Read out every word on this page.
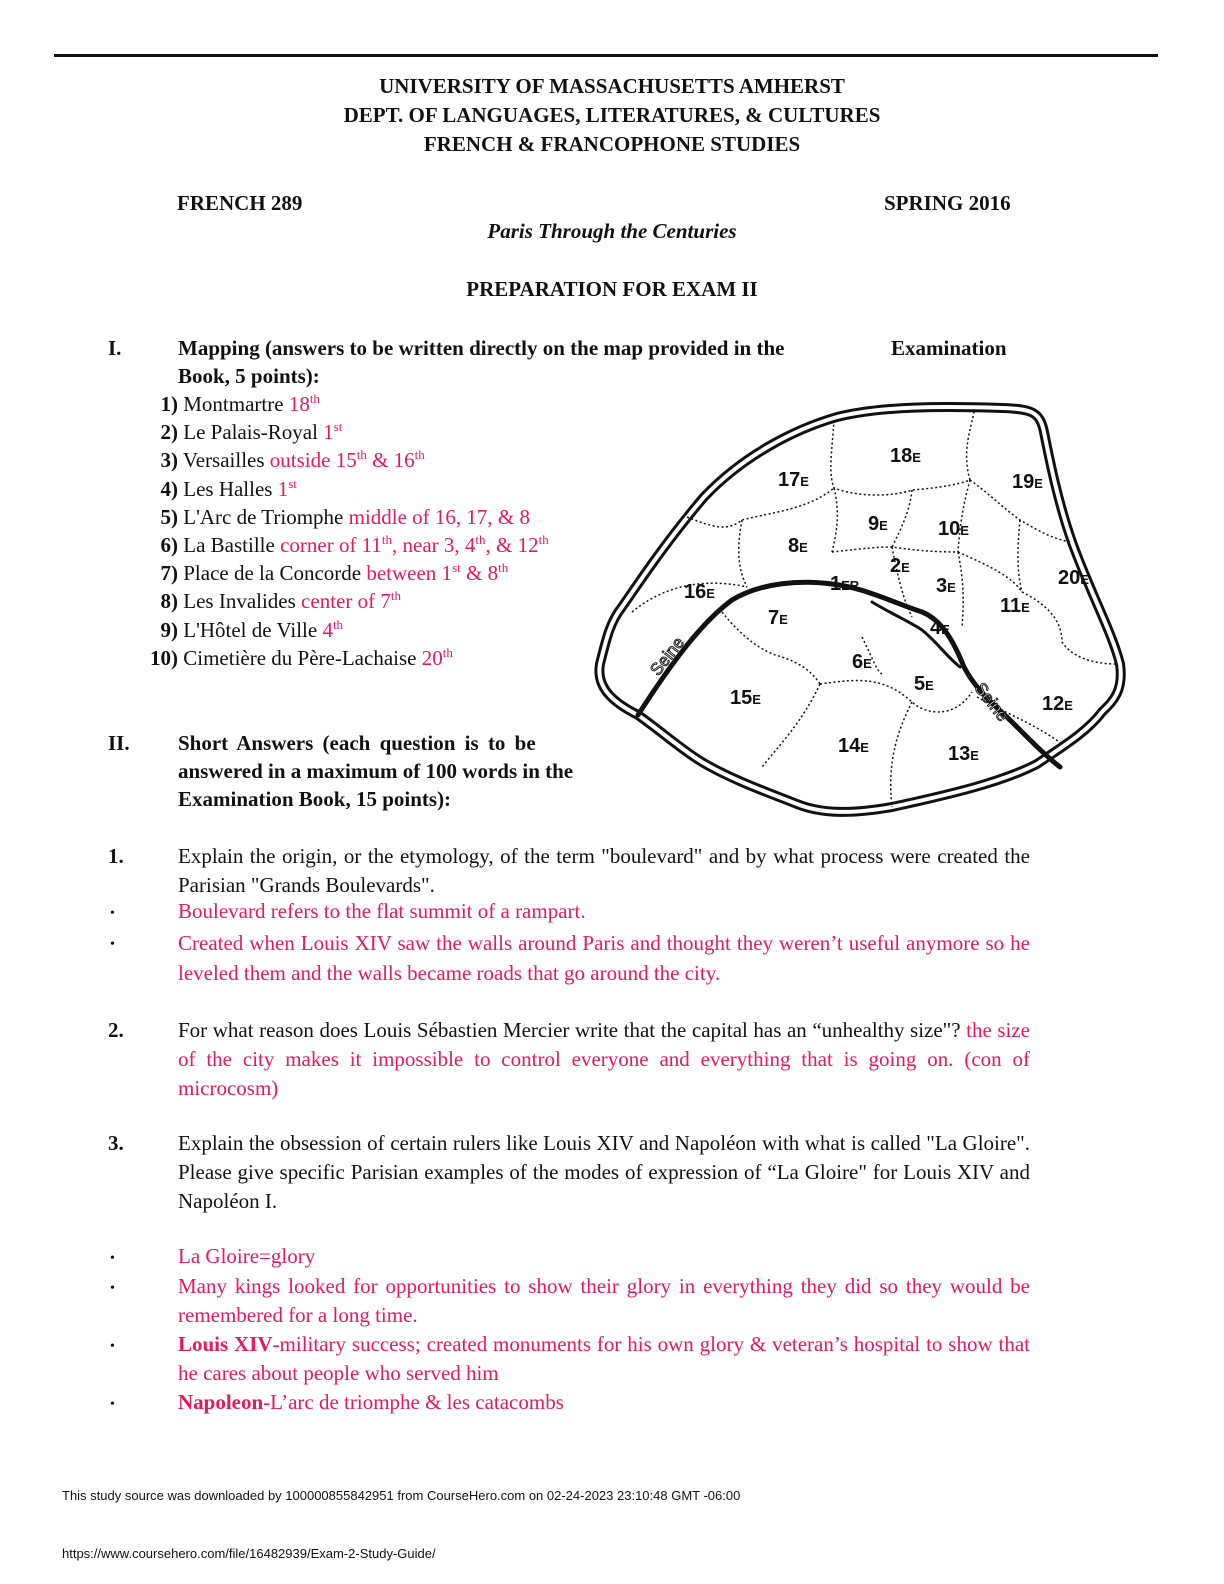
UNIVERSITY OF MASSACHUSETTS AMHERST
DEPT. OF LANGUAGES, LITERATURES, & CULTURES
FRENCH & FRANCOPHONE STUDIES
FRENCH 289	SPRING 2016
Paris Through the Centuries
PREPARATION FOR EXAM II
I.	Mapping (answers to be written directly on the map provided in the	Examination
Book, 5 points):
1) Montmartre 18th
2) Le Palais-Royal 1st
3) Versailles outside 15th & 16th
4) Les Halles 1st
5) L'Arc de Triomphe middle of 16, 17, & 8
6) La Bastille corner of 11th, near 3, 4th, & 12th
7) Place de la Concorde between 1st & 8th
8) Les Invalides center of 7th
9) L'Hôtel de Ville 4th
10) Cimetière du Père-Lachaise 20th
18E
17E	19E
9E	10E
8E
2E
1ER	3E	20E
16E
11E
7E	4E
6E
5E
15E	12E
14E	13E
Seine
Seine
II. Short Answers (each question is to be
answered in a maximum of 100 words in the
Examination Book, 15 points):
1.	Explain the origin, or the etymology, of the term "boulevard" and by what process were created the Parisian "Grands Boulevards".
•	Boulevard refers to the flat summit of a rampart.
•	Created when Louis XIV saw the walls around Paris and thought they weren’t useful anymore so he leveled them and the walls became roads that go around the city.
2.	For what reason does Louis Sébastien Mercier write that the capital has an “unhealthy size"? the size of the city makes it impossible to control everyone and everything that is going on. (con of microcosm)
3.	Explain the obsession of certain rulers like Louis XIV and Napoléon with what is called "La Gloire". Please give specific Parisian examples of the modes of expression of “La Gloire" for Louis XIV and Napoléon I.
•	La Gloire=glory
•	Many kings looked for opportunities to show their glory in everything they did so they would be remembered for a long time.
•	Louis XIV-military success; created monuments for his own glory & veteran’s hospital to show that he cares about people who served him
•	Napoleon-L’arc de triomphe & les catacombs
This study source was downloaded by 100000855842951 from CourseHero.com on 02-24-2023 23:10:48 GMT -06:00
https://www.coursehero.com/file/16482939/Exam-2-Study-Guide/
